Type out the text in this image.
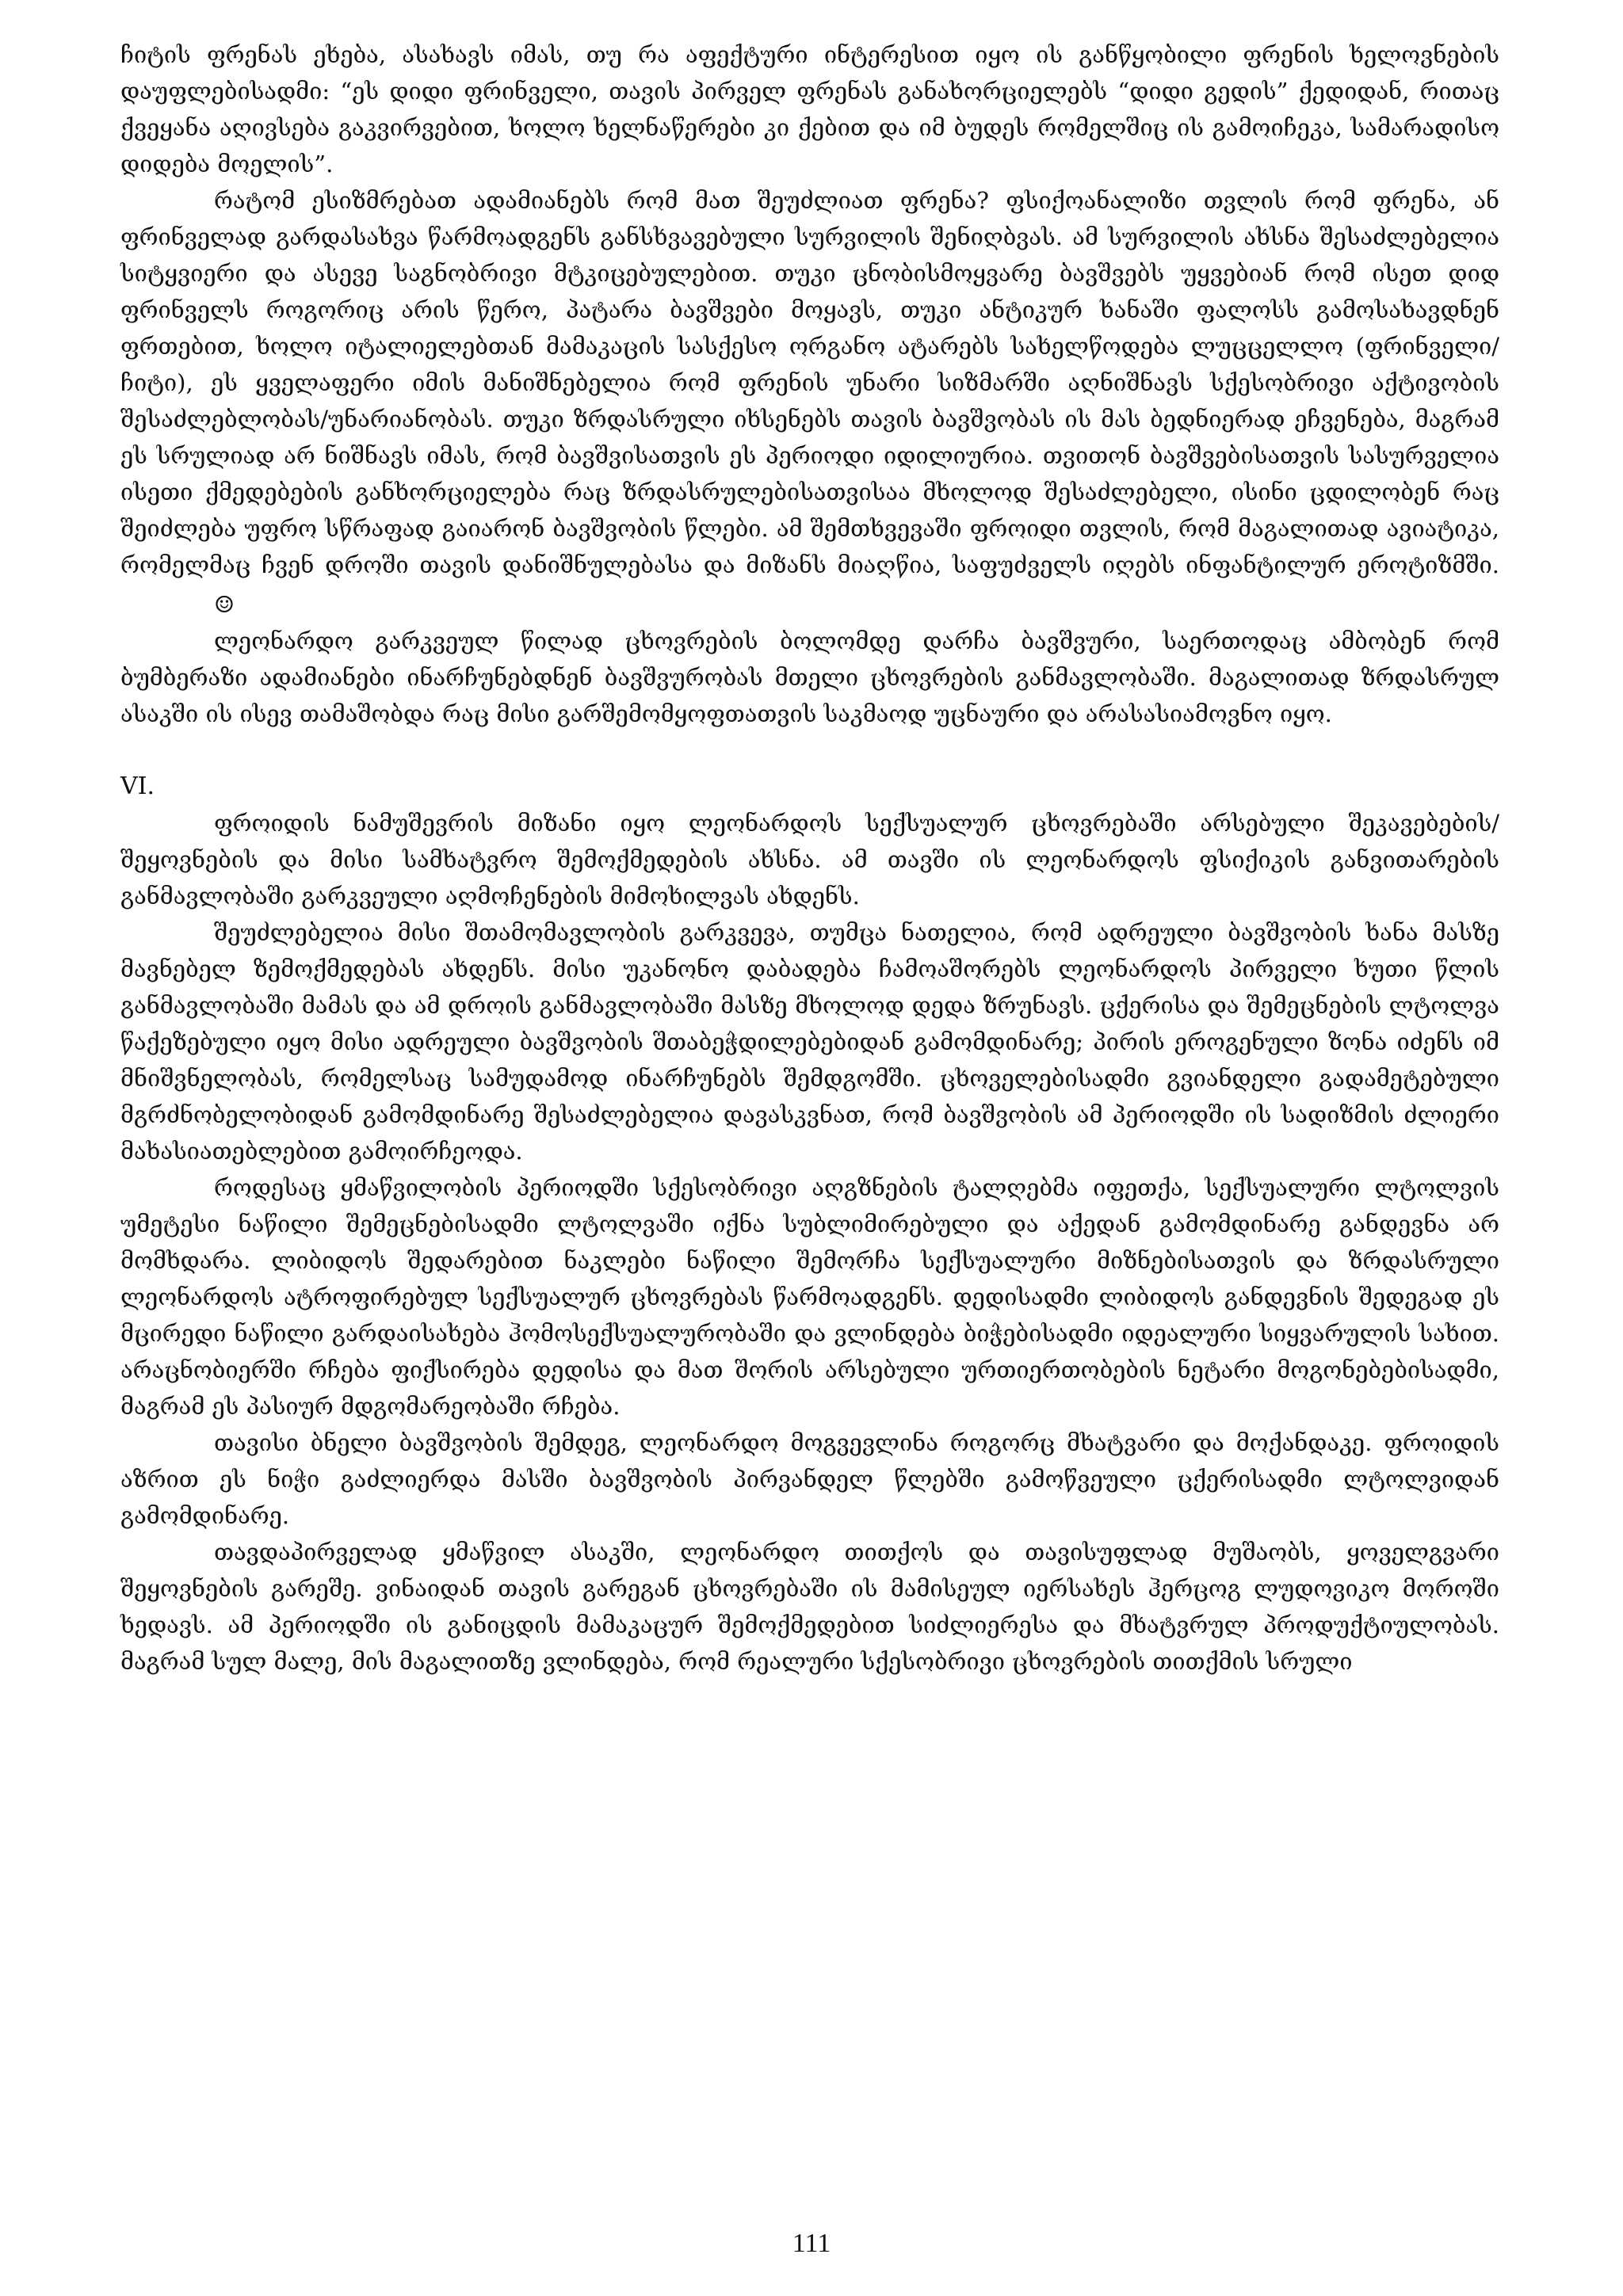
ჩიტის ფრენას ეხება, ასახავს იმას, თუ რა აფექტური ინტერესით იყო ის განწყობილი ფრენის ხელოვნების დაუფლებისადმი: “ეს დიდი ფრინველი, თავის პირველ ფრენას განახორციელებს “დიდი გედის” ქედიდან, რითაც ქვეყანა აღივსება გაკვირვებით, ხოლო ხელნაწერები კი ქებით და იმ ბუდეს რომელშიც ის გამოიჩეკა, სამარადისო დიდება მოელის”.

რატომ ესიზმრებათ ადამიანებს რომ მათ შეუძლიათ ფრენა? ფსიქოანალიზი თვლის რომ ფრენა, ან ფრინველად გარდასახვა წარმოადგენს განსხვავებული სურვილის შენიღბვას. ამ სურვილის ახსნა შესაძლებელია სიტყვიერი და ასევე საგნობრივი მტკიცებულებით. თუკი ცნობისმოყვარე ბავშვებს უყვებიან რომ ისეთ დიდ ფრინველს როგორიც არის წერო, პატარა ბავშვები მოყავს, თუკი ანტიკურ ხანაში ფალოსს გამოსახავდნენ ფრთებით, ხოლო იტალიელებთან მამაკაცის სასქესო ორგანო ატარებს სახელწოდება ლუცცელლო (ფრინველი/ჩიტი), ეს ყველაფერი იმის მანიშნებელია რომ ფრენის უნარი სიზმარში აღნიშნავს სქესობრივი აქტივობის შესაძლებლობას/უნარიანობას. თუკი ზრდასრული იხსენებს თავის ბავშვობას ის მას ბედნიერად ეჩვენება, მაგრამ ეს სრულიად არ ნიშნავს იმას, რომ ბავშვისათვის ეს პერიოდი იდილიურია. თვითონ ბავშვებისათვის სასურველია ისეთი ქმედებების განხორციელება რაც ზრდასრულებისათვისაა მხოლოდ შესაძლებელი, ისინი ცდილობენ რაც შეიძლება უფრო სწრაფად გაიარონ ბავშვობის წლები. ამ შემთხვევაში ფროიდი თვლის, რომ მაგალითად ავიატიკა, რომელმაც ჩვენ დროში თავის დანიშნულებასა და მიზანს მიაღწია, საფუძველს იღებს ინფანტილურ ეროტიზმში. ☺

ლეონარდო გარკვეულ წილად ცხოვრების ბოლომდე დარჩა ბავშვური, საერთოდაც ამბობენ რომ ბუმბერაზი ადამიანები ინარჩუნებდნენ ბავშვურობას მთელი ცხოვრების განმავლობაში. მაგალითად ზრდასრულ ასაკში ის ისევ თამაშობდა რაც მისი გარშემომყოფთათვის საკმაოდ უცნაური და არასასიამოვნო იყო.

VI.

ფროიდის ნამუშევრის მიზანი იყო ლეონარდოს სექსუალურ ცხოვრებაში არსებული შეკავებების/შეყოვნების და მისი სამხატვრო შემოქმედების ახსნა. ამ თავში ის ლეონარდოს ფსიქიკის განვითარების განმავლობაში გარკვეული აღმოჩენების მიმოხილვას ახდენს.

შეუძლებელია მისი შთამომავლობის გარკვევა, თუმცა ნათელია, რომ ადრეული ბავშვობის ხანა მასზე მავნებელ ზემოქმედებას ახდენს. მისი უკანონო დაბადება ჩამოაშორებს ლეონარდოს პირველი ხუთი წლის განმავლობაში მამას და ამ დროის განმავლობაში მასზე მხოლოდ დედა ზრუნავს. ცქერისა და შემეცნების ლტოლვა წაქეზებული იყო მისი ადრეული ბავშვობის შთაბეჭდილებებიდან გამომდინარე; პირის ეროგენული ზონა იძენს იმ მნიშვნელობას, რომელსაც სამუდამოდ ინარჩუნებს შემდგომში. ცხოველებისადმი გვიანდელი გადამეტებული მგრძნობელობიდან გამომდინარე შესაძლებელია დავასკვნათ, რომ ბავშვობის ამ პერიოდში ის სადიზმის ძლიერი მახასიათებლებით გამოირჩეოდა.

როდესაც ყმაწვილობის პერიოდში სქესობრივი აღგზნების ტალღებმა იფეთქა, სექსუალური ლტოლვის უმეტესი ნაწილი შემეცნებისადმი ლტოლვაში იქნა სუბლიმირებული და აქედან გამომდინარე განდევნა არ მომხდარა. ლიბიდოს შედარებით ნაკლები ნაწილი შემორჩა სექსუალური მიზნებისათვის და ზრდასრული ლეონარდოს ატროფირებულ სექსუალურ ცხოვრებას წარმოადგენს. დედისადმი ლიბიდოს განდევნის შედეგად ეს მცირედი ნაწილი გარდაისახება ჰომოსექსუალურობაში და ვლინდება ბიჭებისადმი იდეალური სიყვარულის სახით. არაცნობიერში რჩება ფიქსირება დედისა და მათ შორის არსებული ურთიერთობების ნეტარი მოგონებებისადმი, მაგრამ ეს პასიურ მდგომარეობაში რჩება.

თავისი ბნელი ბავშვობის შემდეგ, ლეონარდო მოგვევლინა როგორც მხატვარი და მოქანდაკე. ფროიდის აზრით ეს ნიჭი გაძლიერდა მასში ბავშვობის პირვანდელ წლებში გამოწვეული ცქერისადმი ლტოლვიდან გამომდინარე.

თავდაპირველად ყმაწვილ ასაკში, ლეონარდო თითქოს და თავისუფლად მუშაობს, ყოველგვარი შეყოვნების გარეშე. ვინაიდან თავის გარეგან ცხოვრებაში ის მამისეულ იერსახეს ჰერცოგ ლუდოვიკო მოროში ხედავს. ამ პერიოდში ის განიცდის მამაკაცურ შემოქმედებით სიძლიერესა და მხატვრულ პროდუქტიულობას. მაგრამ სულ მალე, მის მაგალითზე ვლინდება, რომ რეალური სქესობრივი ცხოვრების თითქმის სრული

111
